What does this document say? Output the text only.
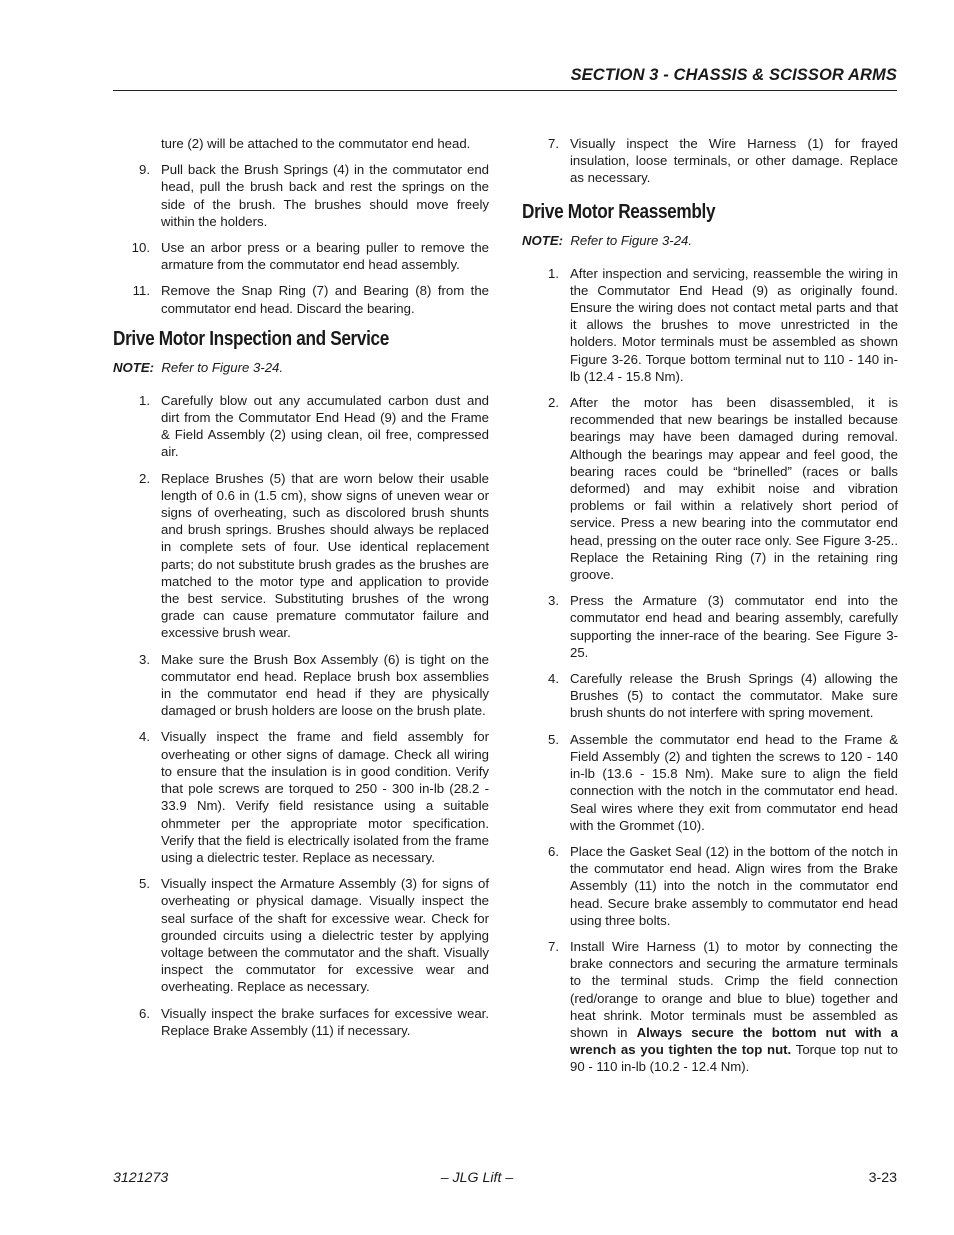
SECTION 3 - CHASSIS & SCISSOR ARMS

ture (2) will be attached to the commutator end head.

9. Pull back the Brush Springs (4) in the commutator end head, pull the brush back and rest the springs on the side of the brush. The brushes should move freely within the holders.
10. Use an arbor press or a bearing puller to remove the armature from the commutator end head assembly.
11. Remove the Snap Ring (7) and Bearing (8) from the commutator end head. Discard the bearing.
Drive Motor Inspection and Service

NOTE: Refer to Figure 3-24.

1. Carefully blow out any accumulated carbon dust and dirt from the Commutator End Head (9) and the Frame & Field Assembly (2) using clean, oil free, compressed air.
2. Replace Brushes (5) that are worn below their usable length of 0.6 in (1.5 cm), show signs of uneven wear or signs of overheating, such as discolored brush shunts and brush springs. Brushes should always be replaced in complete sets of four. Use identical replacement parts; do not substitute brush grades as the brushes are matched to the motor type and application to provide the best service. Substituting brushes of the wrong grade can cause premature commutator failure and excessive brush wear.
3. Make sure the Brush Box Assembly (6) is tight on the commutator end head. Replace brush box assemblies in the commutator end head if they are physically damaged or brush holders are loose on the brush plate.
4. Visually inspect the frame and field assembly for overheating or other signs of damage. Check all wiring to ensure that the insulation is in good condition. Verify that pole screws are torqued to 250 - 300 in-lb (28.2 - 33.9 Nm). Verify field resistance using a suitable ohmmeter per the appropriate motor specification. Verify that the field is electrically isolated from the frame using a dielectric tester. Replace as necessary.
5. Visually inspect the Armature Assembly (3) for signs of overheating or physical damage. Visually inspect the seal surface of the shaft for excessive wear. Check for grounded circuits using a dielectric tester by applying voltage between the commutator and the shaft. Visually inspect the commutator for excessive wear and overheating. Replace as necessary.
6. Visually inspect the brake surfaces for excessive wear. Replace Brake Assembly (11) if necessary.
7. Visually inspect the Wire Harness (1) for frayed insulation, loose terminals, or other damage. Replace as necessary.
Drive Motor Reassembly

NOTE: Refer to Figure 3-24.

1. After inspection and servicing, reassemble the wiring in the Commutator End Head (9) as originally found. Ensure the wiring does not contact metal parts and that it allows the brushes to move unrestricted in the holders. Motor terminals must be assembled as shown Figure 3-26. Torque bottom terminal nut to 110 - 140 in-lb (12.4 - 15.8 Nm).
2. After the motor has been disassembled, it is recommended that new bearings be installed because bearings may have been damaged during removal. Although the bearings may appear and feel good, the bearing races could be “brinelled” (races or balls deformed) and may exhibit noise and vibration problems or fail within a relatively short period of service. Press a new bearing into the commutator end head, pressing on the outer race only. See Figure 3-25.. Replace the Retaining Ring (7) in the retaining ring groove.
3. Press the Armature (3) commutator end into the commutator end head and bearing assembly, carefully supporting the inner-race of the bearing. See Figure 3-25.
4. Carefully release the Brush Springs (4) allowing the Brushes (5) to contact the commutator. Make sure brush shunts do not interfere with spring movement.
5. Assemble the commutator end head to the Frame & Field Assembly (2) and tighten the screws to 120 - 140 in-lb (13.6 - 15.8 Nm). Make sure to align the field connection with the notch in the commutator end head. Seal wires where they exit from commutator end head with the Grommet (10).
6. Place the Gasket Seal (12) in the bottom of the notch in the commutator end head. Align wires from the Brake Assembly (11) into the notch in the commutator end head. Secure brake assembly to commutator end head using three bolts.
7. Install Wire Harness (1) to motor by connecting the brake connectors and securing the armature terminals to the terminal studs. Crimp the field connection (red/orange to orange and blue to blue) together and heat shrink. Motor terminals must be assembled as shown in Always secure the bottom nut with a wrench as you tighten the top nut. Torque top nut to 90 - 110 in-lb (10.2 - 12.4 Nm).
3121273	– JLG Lift –	3-23
